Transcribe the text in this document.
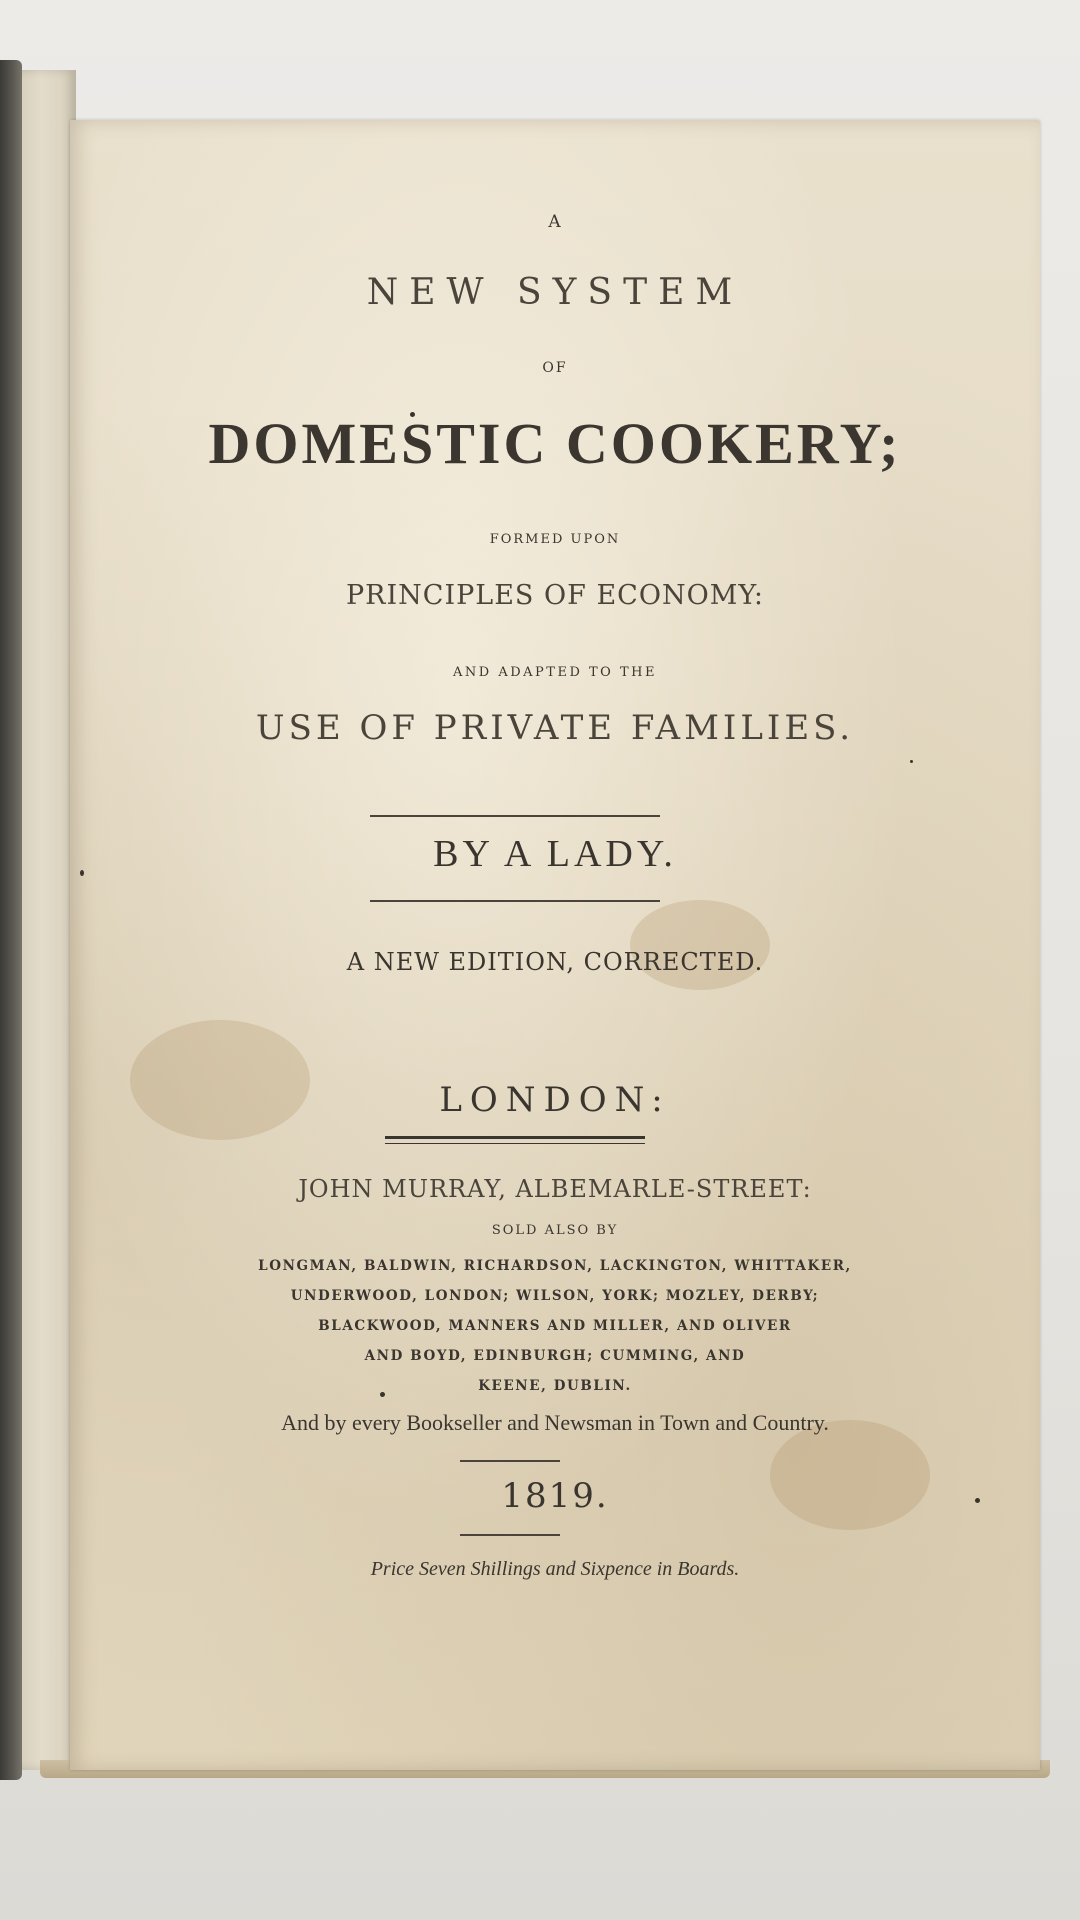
A
NEW SYSTEM
OF
DOMESTIC COOKERY;
FORMED UPON
PRINCIPLES OF ECONOMY:
AND ADAPTED TO THE
USE OF PRIVATE FAMILIES.
BY A LADY.
A NEW EDITION, CORRECTED.
LONDON:
JOHN MURRAY, ALBEMARLE-STREET:
SOLD ALSO BY
LONGMAN, BALDWIN, RICHARDSON, LACKINGTON, WHITTAKER,
UNDERWOOD, LONDON; WILSON, YORK; MOZLEY, DERBY;
BLACKWOOD, MANNERS AND MILLER, AND OLIVER
AND BOYD, EDINBURGH; CUMMING, AND
KEENE, DUBLIN.
And by every Bookseller and Newsman in Town and Country.
1819.
Price Seven Shillings and Sixpence in Boards.
